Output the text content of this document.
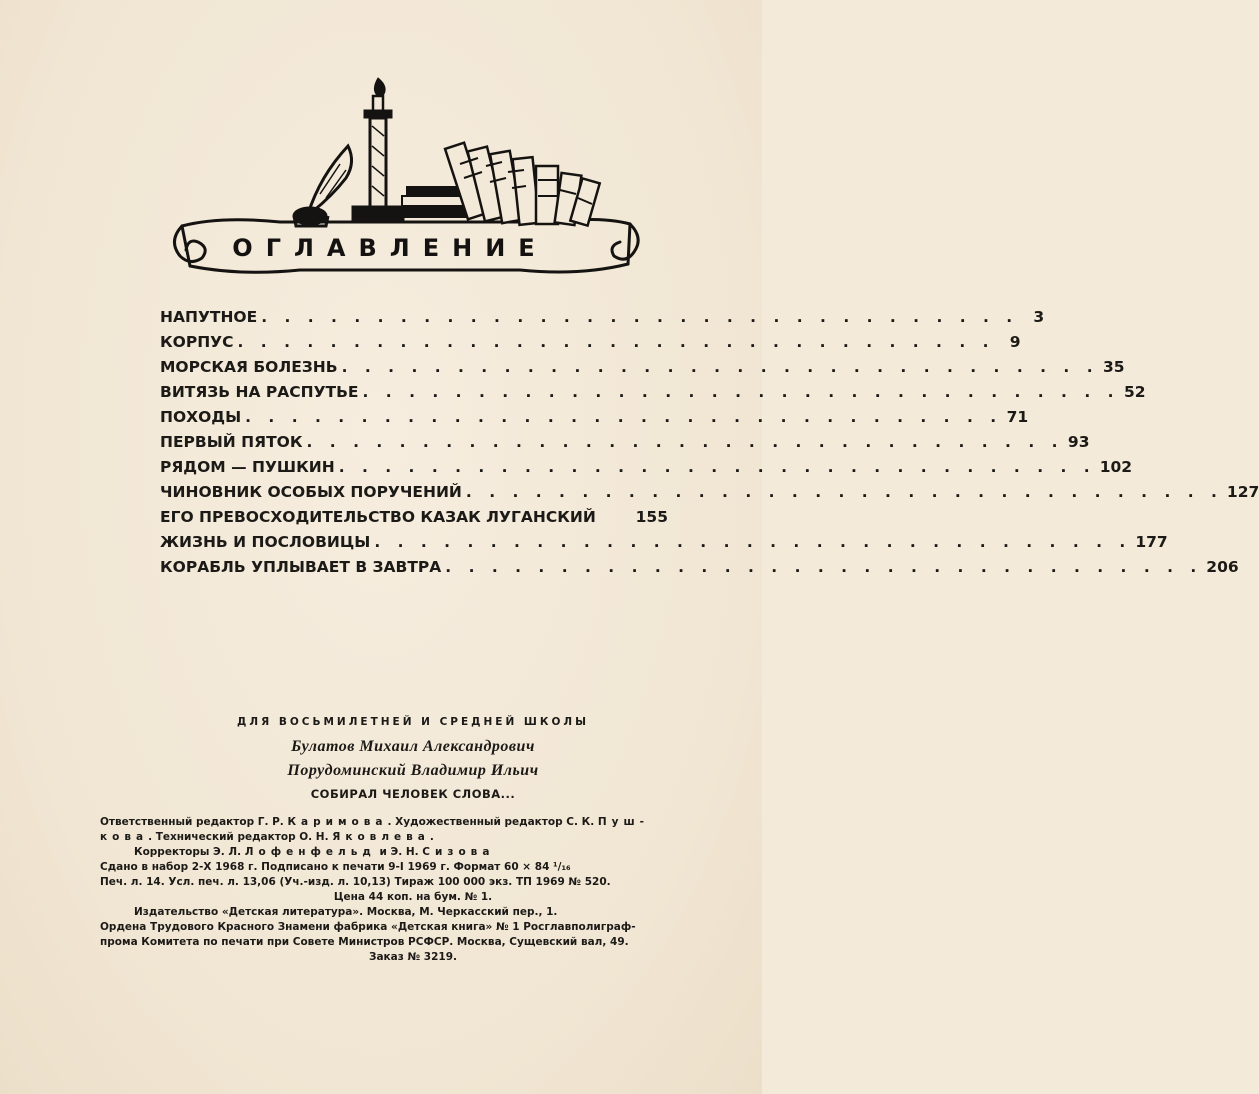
ОГЛАВЛЕНИЕ
НАПУТНОЕ . . . . . . . . . . . . . . . . . . . . . . . . . . . . . . . . . 3
КОРПУС . . . . . . . . . . . . . . . . . . . . . . . . . . . . . . . . . 9
МОРСКАЯ БОЛЕЗНЬ . . . . . . . . . . . . . . . . . . . . . . . . . . . . . . . . . 35
ВИТЯЗЬ НА РАСПУТЬЕ . . . . . . . . . . . . . . . . . . . . . . . . . . . . . . . . . 52
ПОХОДЫ . . . . . . . . . . . . . . . . . . . . . . . . . . . . . . . . . 71
ПЕРВЫЙ ПЯТОК . . . . . . . . . . . . . . . . . . . . . . . . . . . . . . . . . 93
РЯДОМ — ПУШКИН . . . . . . . . . . . . . . . . . . . . . . . . . . . . . . . . . 102
ЧИНОВНИК ОСОБЫХ ПОРУЧЕНИЙ . . . . . . . . . . . . . . . . . . . . . . . . . . . . . . . . . 127
ЕГО ПРЕВОСХОДИТЕЛЬСТВО КАЗАК ЛУГАНСКИЙ	155
ЖИЗНЬ И ПОСЛОВИЦЫ . . . . . . . . . . . . . . . . . . . . . . . . . . . . . . . . . 177
КОРАБЛЬ УПЛЫВАЕТ В ЗАВТРА . . . . . . . . . . . . . . . . . . . . . . . . . . . . . . . . . 206
ДЛЯ ВОСЬМИЛЕТНЕЙ И СРЕДНЕЙ ШКОЛЫ
Булатов Михаил Александрович
Порудоминский Владимир Ильич
СОБИРАЛ ЧЕЛОВЕК СЛОВА...
Ответственный редактор Г. Р. Каримова. Художественный редактор С. К. Пуш-
кова. Технический редактор О. Н. Яковлева.
Корректоры Э. Л. Лофенфельд и Э. Н. Сизова
Сдано в набор 2-X 1968 г. Подписано к печати 9-I 1969 г. Формат 60 × 84 ¹/₁₆
Печ. л. 14. Усл. печ. л. 13,06 (Уч.-изд. л. 10,13) Тираж 100 000 экз. ТП 1969 № 520.
Цена 44 коп. на бум. № 1.
Издательство «Детская литература». Москва, М. Черкасский пер., 1.
Ордена Трудового Красного Знамени фабрика «Детская книга» № 1 Росглавполиграф-
прома Комитета по печати при Совете Министров РСФСР. Москва, Сущевский вал, 49.
Заказ № 3219.
